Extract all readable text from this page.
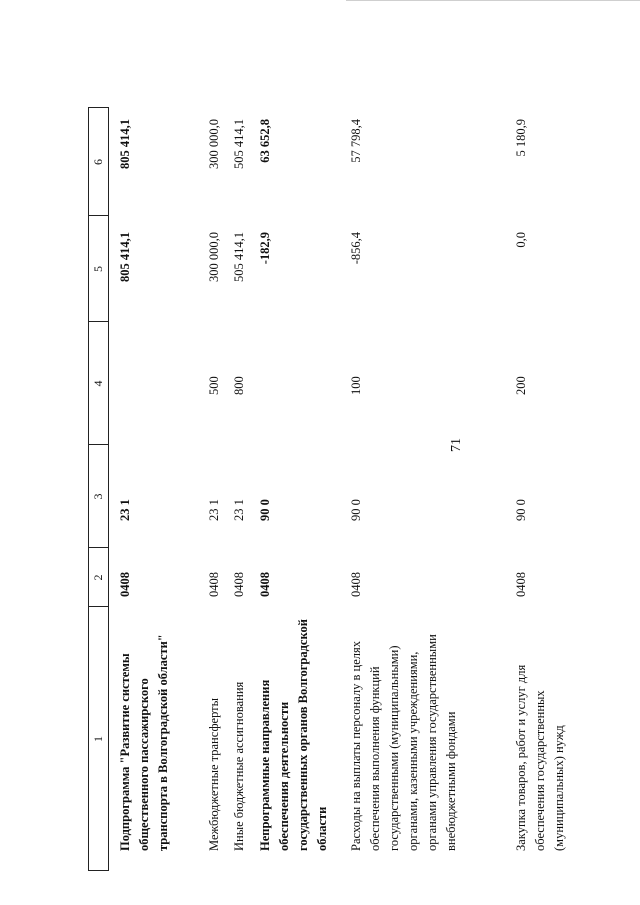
71
1
2
3
4
5
6
Подпрограмма "Развитие системы общественного пассажирского транспорта в Волгоградской области"
0408
23 1
805 414,1
805 414,1
Межбюджетные трансферты
0408
23 1
500
300 000,0
300 000,0
Иные бюджетные ассигнования
0408
23 1
800
505 414,1
505 414,1
Непрограммные направления обеспечения деятельности государственных органов Волгоградской области
0408
90 0
-182,9
63 652,8
Расходы на выплаты персоналу в целях обеспечения выполнения функций государственными (муниципальными) органами, казенными учреждениями, органами управления государственными внебюджетными фондами
0408
90 0
100
-856,4
57 798,4
Закупка товаров, работ и услуг для обеспечения государственных (муниципальных) нужд
0408
90 0
200
0,0
5 180,9
